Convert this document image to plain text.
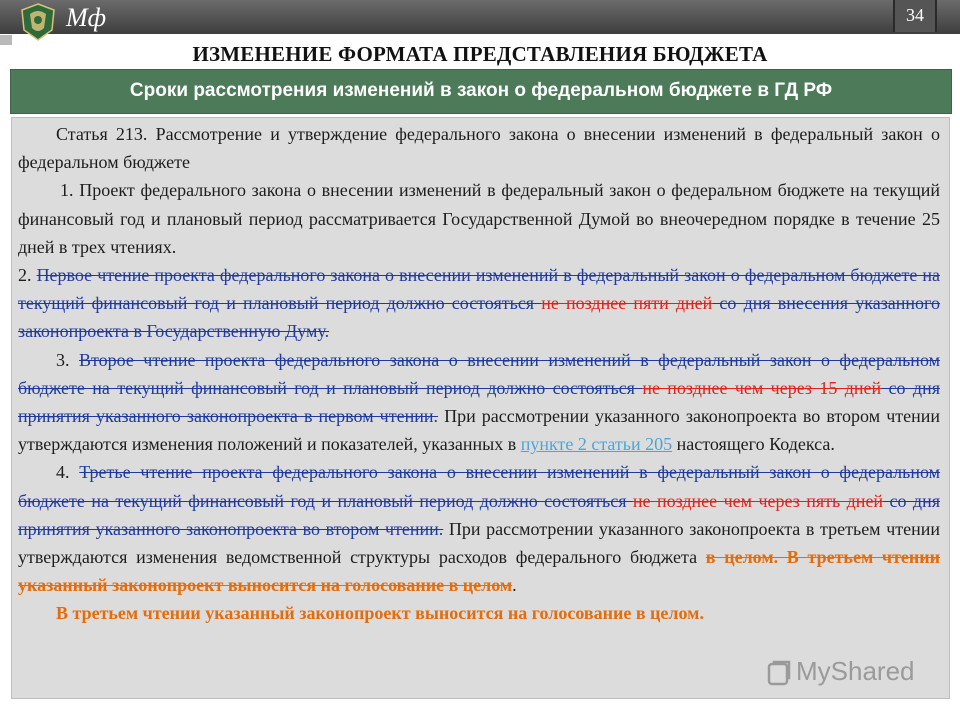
Мф	34
ИЗМЕНЕНИЕ ФОРМАТА ПРЕДСТАВЛЕНИЯ БЮДЖЕТА
Сроки рассмотрения изменений в закон о федеральном бюджете в ГД РФ

Статья 213. Рассмотрение и утверждение федерального закона о внесении изменений в федеральный закон о федеральном бюджете

1. Проект федерального закона о внесении изменений в федеральный закон о федеральном бюджете на текущий финансовый год и плановый период рассматривается Государственной Думой во внеочередном порядке в течение 25 дней в трех чтениях.

2. Первое чтение проекта федерального закона о внесении изменений в федеральный закон о федеральном бюджете на текущий финансовый год и плановый период должно состояться не позднее пяти дней со дня внесения указанного законопроекта в Государственную Думу.

3. Второе чтение проекта федерального закона о внесении изменений в федеральный закон о федеральном бюджете на текущий финансовый год и плановый период должно состояться не позднее чем через 15 дней со дня принятия указанного законопроекта в первом чтении. При рассмотрении указанного законопроекта во втором чтении утверждаются изменения положений и показателей, указанных в пункте 2 статьи 205 настоящего Кодекса.

4. Третье чтение проекта федерального закона о внесении изменений в федеральный закон о федеральном бюджете на текущий финансовый год и плановый период должно состояться не позднее чем через пять дней со дня принятия указанного законопроекта во втором чтении. При рассмотрении указанного законопроекта в третьем чтении утверждаются изменения ведомственной структуры расходов федерального бюджета в целом. В третьем чтении указанный законопроект выносится на голосование в целом.

В третьем чтении указанный законопроект выносится на голосование в целом.

MyShared
